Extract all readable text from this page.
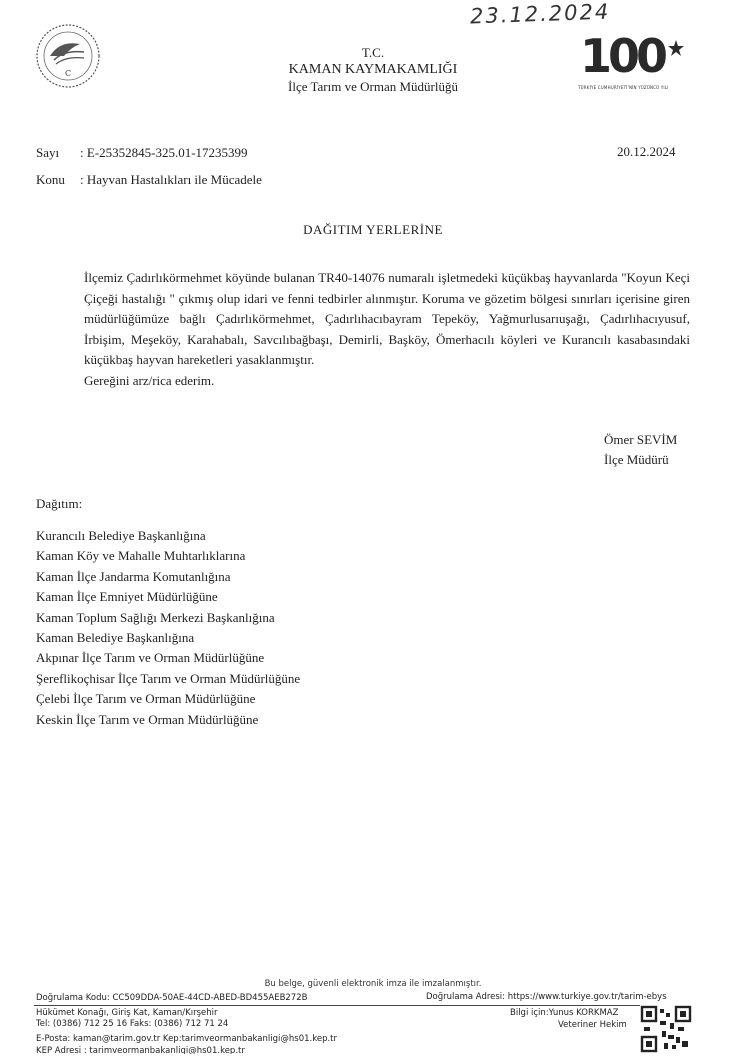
23.12.2024
C
T.C.
KAMAN KAYMAKAMLIĞI
İlçe Tarım ve Orman Müdürlüğü
100
TÜRKİYE CUMHURİYETİ'NİN YÜZÜNCÜ YILI
Sayı : E-25352845-325.01-17235399	20.12.2024
Konu : Hayvan Hastalıkları ile Mücadele
DAĞITIM YERLERİNE

İlçemiz Çadırlıkörmehmet köyünde bulanan TR40-14076 numaralı işletmedeki küçükbaş hayvanlarda "Koyun Keçi Çiçeği hastalığı " çıkmış olup idari ve fenni tedbirler alınmıştır. Koruma ve gözetim bölgesi sınırları içerisine giren müdürlüğümüze bağlı Çadırlıkörmehmet, Çadırlıhacıbayram Tepeköy, Yağmurlusarıuşağı, Çadırlıhacıyusuf, İrbişim, Meşeköy, Karahabalı, Savcılıbağbaşı, Demirli, Başköy, Ömerhacılı köyleri ve Kurancılı kasabasındaki küçükbaş hayvan hareketleri yasaklanmıştır.

Gereğini arz/rica ederim.

Ömer SEVİM
İlçe Müdürü
Dağıtım:
Kurancılı Belediye Başkanlığına
Kaman Köy ve Mahalle Muhtarlıklarına
Kaman İlçe Jandarma Komutanlığına
Kaman İlçe Emniyet Müdürlüğüne
Kaman Toplum Sağlığı Merkezi Başkanlığına
Kaman Belediye Başkanlığına
Akpınar İlçe Tarım ve Orman Müdürlüğüne
Şereflikoçhisar İlçe Tarım ve Orman Müdürlüğüne
Çelebi İlçe Tarım ve Orman Müdürlüğüne
Keskin İlçe Tarım ve Orman Müdürlüğüne
Bu belge, güvenli elektronik imza ile imzalanmıştır.
Doğrulama Kodu: CC509DDA-50AE-44CD-ABED-BD455AEB272B	Doğrulama Adresi: https://www.turkiye.gov.tr/tarim-ebys
Hükümet Konağı, Giriş Kat, Kaman/Kırşehir
Tel: (0386) 712 25 16 Faks: (0386) 712 71 24
E-Posta: kaman@tarim.gov.tr Kep:tarimveormanbakanligi@hs01.kep.tr
KEP Adresi : tarimveormanbakanligi@hs01.kep.tr
Bilgi için:Yunus KORKMAZ
Veteriner Hekim
